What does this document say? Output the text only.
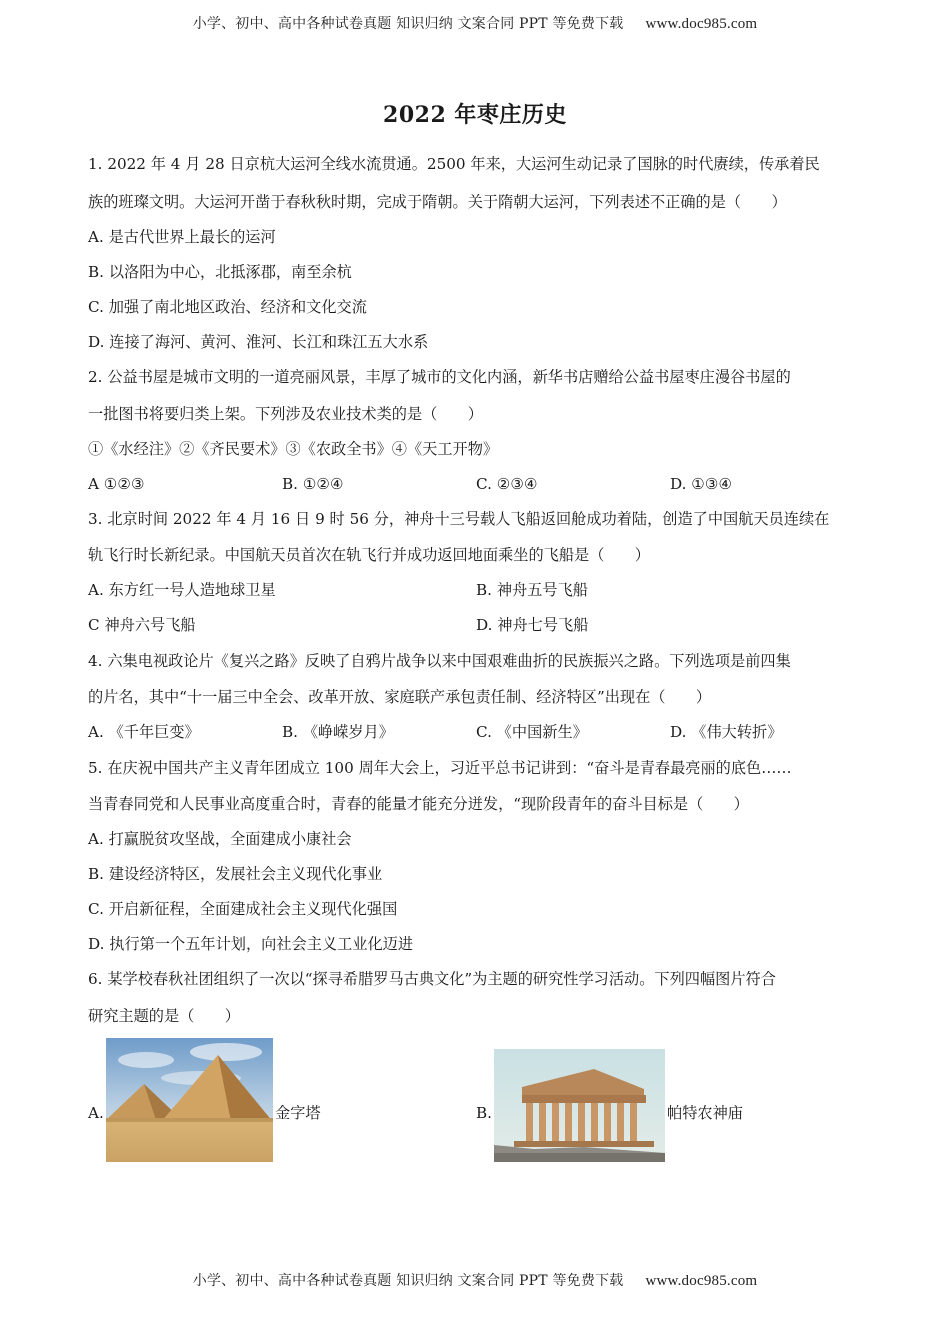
小学、初中、高中各种试卷真题 知识归纳 文案合同 PPT 等免费下载 www.doc985.com
2022 年枣庄历史
1. 2022 年 4 月 28 日京杭大运河全线水流贯通。2500 年来，大运河生动记录了国脉的时代赓续，传承着民
族的班璨文明。大运河开凿于春秋秋时期，完成于隋朝。关于隋朝大运河，下列表述不正确的是（　　）
A. 是古代世界上最长的运河
B. 以洛阳为中心，北抵涿郡，南至余杭
C. 加强了南北地区政治、经济和文化交流
D. 连接了海河、黄河、淮河、长江和珠江五大水系
2. 公益书屋是城市文明的一道亮丽风景，丰厚了城市的文化内涵，新华书店赠给公益书屋枣庄漫谷书屋的
一批图书将要归类上架。下列涉及农业技术类的是（　　）
①《水经注》②《齐民要术》③《农政全书》④《天工开物》
A ①②③	B. ①②④	C. ②③④	D. ①③④
3. 北京时间 2022 年 4 月 16 日 9 时 56 分，神舟十三号载人飞船返回舱成功着陆，创造了中国航天员连续在
轨飞行时长新纪录。中国航天员首次在轨飞行并成功返回地面乘坐的飞船是（　　）
A. 东方红一号人造地球卫星	B. 神舟五号飞船
C 神舟六号飞船	D. 神舟七号飞船
4. 六集电视政论片《复兴之路》反映了自鸦片战争以来中国艰难曲折的民族振兴之路。下列选项是前四集
的片名，其中“十一届三中全会、改革开放、家庭联产承包责任制、经济特区”出现在（　　）
A. 《千年巨变》	B. 《峥嵘岁月》	C. 《中国新生》	D. 《伟大转折》
5. 在庆祝中国共产主义青年团成立 100 周年大会上，习近平总书记讲到：“奋斗是青春最亮丽的底色……
当青春同党和人民事业高度重合时，青春的能量才能充分迸发，“现阶段青年的奋斗目标是（　　）
A. 打赢脱贫攻坚战，全面建成小康社会
B. 建设经济特区，发展社会主义现代化事业
C. 开启新征程，全面建成社会主义现代化强国
D. 执行第一个五年计划，向社会主义工业化迈进
6. 某学校春秋社团组织了一次以“探寻希腊罗马古典文化”为主题的研究性学习活动。下列四幅图片符合
研究主题的是（　　）
A.	金字塔	B.	帕特农神庙
小学、初中、高中各种试卷真题 知识归纳 文案合同 PPT 等免费下载 www.doc985.com
